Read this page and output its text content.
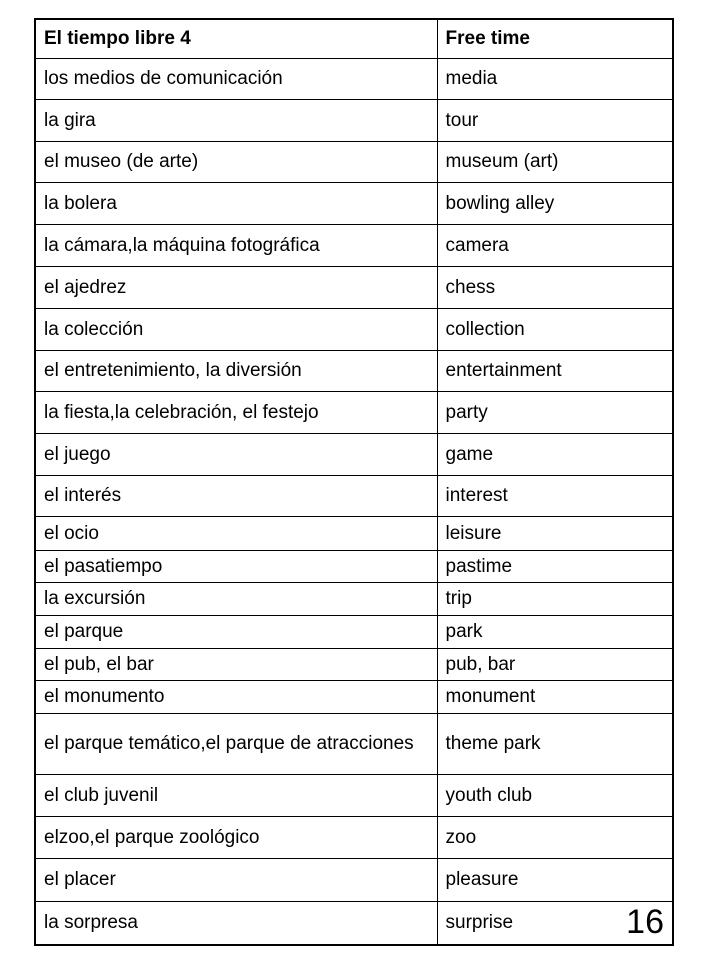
El tiempo libre 4	Free time
los medios de comunicación	media
la gira	tour
el museo (de arte)	museum (art)
la bolera	bowling alley
la cámara,la máquina fotográfica	camera
el ajedrez	chess
la colección	collection
el entretenimiento, la diversión	entertainment
la fiesta,la celebración, el festejo	party
el juego	game
el interés	interest
el ocio	leisure
el pasatiempo	pastime
la excursión	trip
el parque	park
el pub, el bar	pub, bar
el monumento	monument
el parque temático,el parque de atracciones	theme park
el club juvenil	youth club
elzoo,el parque zoológico	zoo
el placer	pleasure
la sorpresa	surprise	16
